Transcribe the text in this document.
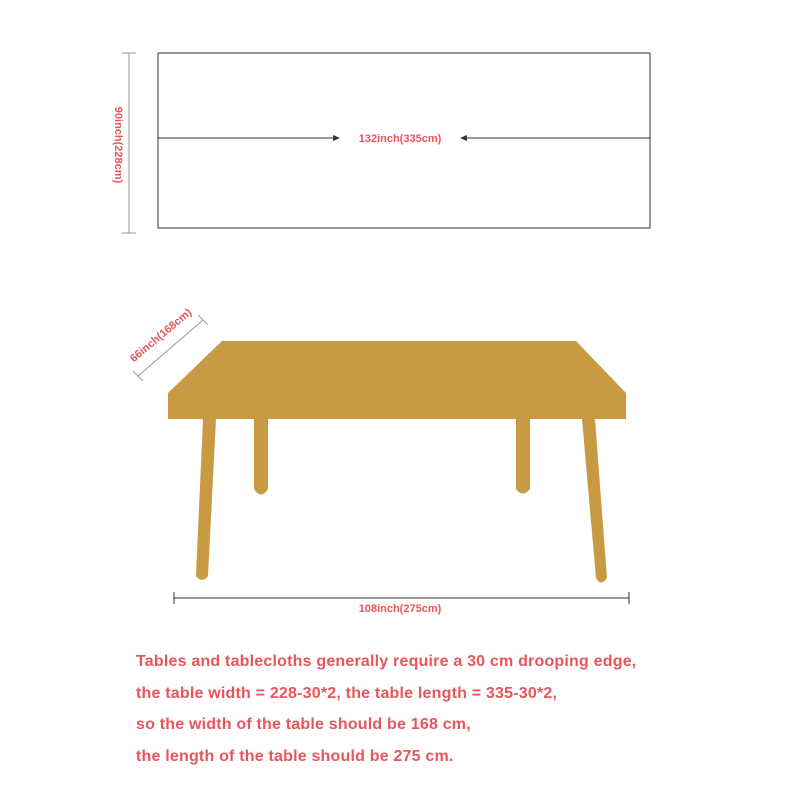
90inch(228cm)	132inch(335cm)
66inch(168cm)
108inch(275cm)
Tables and tablecloths generally require a 30 cm drooping edge,
the table width = 228-30*2, the table length = 335-30*2,
so the width of the table should be 168 cm,
the length of the table should be 275 cm.
